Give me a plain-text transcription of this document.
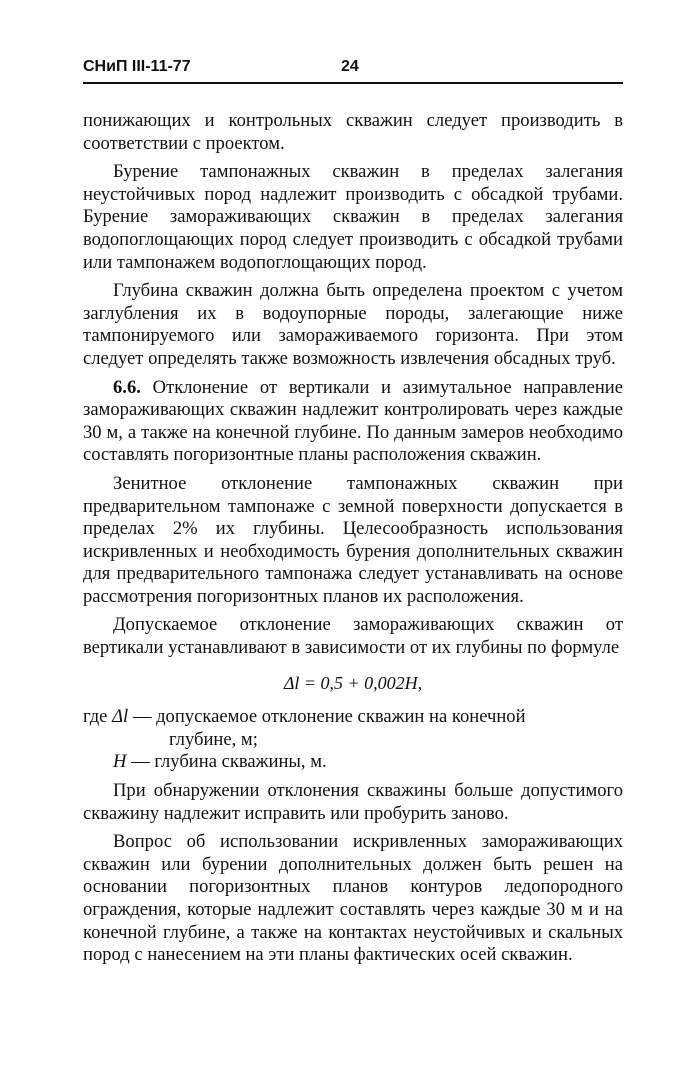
СНиП III-11-77	24

понижающих и контрольных скважин следует производить в соответствии с проектом.

Бурение тампонажных скважин в пределах залегания неустойчивых пород надлежит производить с обсадкой трубами. Бурение замораживающих скважин в пределах залегания водопоглощающих пород следует производить с обсадкой трубами или тампонажем водопоглощающих пород.

Глубина скважин должна быть определена проектом с учетом заглубления их в водоупорные породы, залегающие ниже тампонируемого или замораживаемого горизонта. При этом следует определять также возможность извлечения обсадных труб.

6.6. Отклонение от вертикали и азимутальное направление замораживающих скважин надлежит контролировать через каждые 30 м, а также на конечной глубине. По данным замеров необходимо составлять погоризонтные планы расположения скважин.

Зенитное отклонение тампонажных скважин при предварительном тампонаже с земной поверхности допускается в пределах 2% их глубины. Целесообразность использования искривленных и необходимость бурения дополнительных скважин для предварительного тампонажа следует устанавливать на основе рассмотрения погоризонтных планов их расположения.

Допускаемое отклонение замораживающих скважин от вертикали устанавливают в зависимости от их глубины по формуле

Δl = 0,5 + 0,002H,

где Δl — допускаемое отклонение скважин на конечной

глубине, м;

H — глубина скважины, м.

При обнаружении отклонения скважины больше допустимого скважину надлежит исправить или пробурить заново.

Вопрос об использовании искривленных замораживающих скважин или бурении дополнительных должен быть решен на основании погоризонтных планов контуров ледопородного ограждения, которые надлежит составлять через каждые 30 м и на конечной глубине, а также на контактах неустойчивых и скальных пород с нанесением на эти планы фактических осей скважин.
